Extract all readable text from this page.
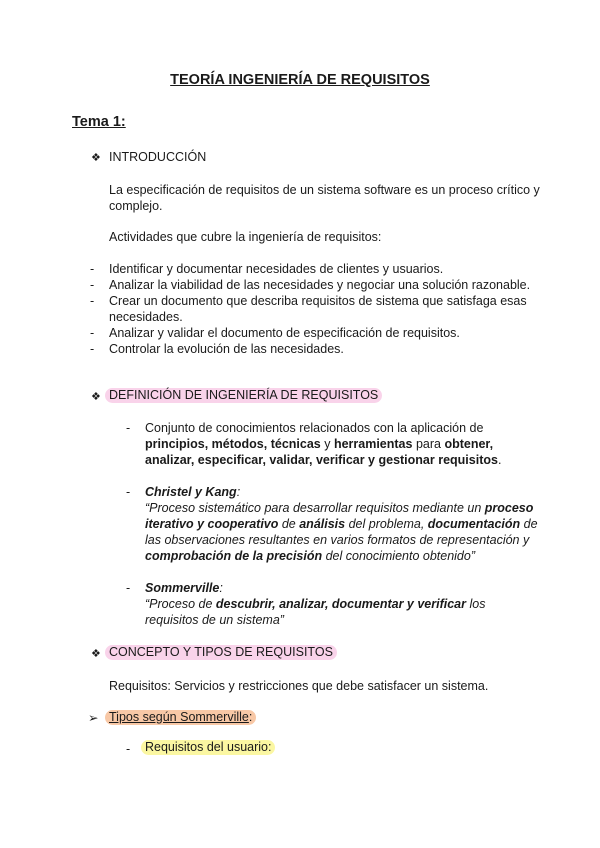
TEORÍA INGENIERÍA DE REQUISITOS
Tema 1:
❖ INTRODUCCIÓN
La especificación de requisitos de un sistema software es un proceso crítico y
complejo.
Actividades que cubre la ingeniería de requisitos:
- Identificar y documentar necesidades de clientes y usuarios.
- Analizar la viabilidad de las necesidades y negociar una solución razonable.
- Crear un documento que describa requisitos de sistema que satisfaga esas
necesidades.
- Analizar y validar el documento de especificación de requisitos.
- Controlar la evolución de las necesidades.
❖ DEFINICIÓN DE INGENIERÍA DE REQUISITOS
- Conjunto de conocimientos relacionados con la aplicación de
principios, métodos, técnicas y herramientas para obtener,
analizar, especificar, validar, verificar y gestionar requisitos.
- Christel y Kang:
“Proceso sistemático para desarrollar requisitos mediante un proceso
iterativo y cooperativo de análisis del problema, documentación de
las observaciones resultantes en varios formatos de representación y
comprobación de la precisión del conocimiento obtenido”
- Sommerville:
“Proceso de descubrir, analizar, documentar y verificar los
requisitos de un sistema”
❖ CONCEPTO Y TIPOS DE REQUISITOS
Requisitos: Servicios y restricciones que debe satisfacer un sistema.
➢ Tipos según Sommerville:
- Requisitos del usuario:
